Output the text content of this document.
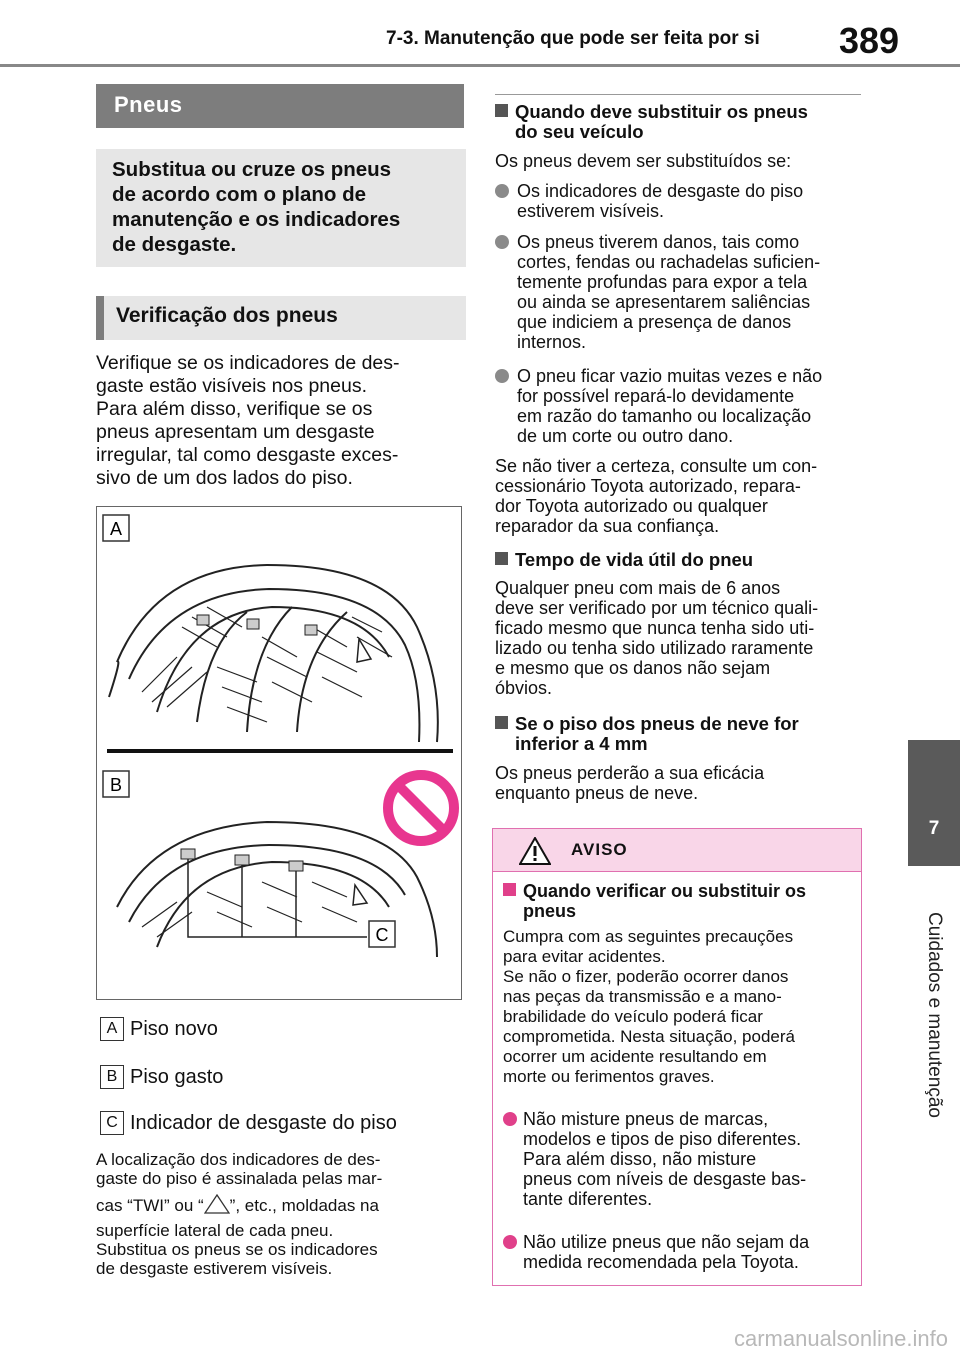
7-3. Manutenção que pode ser feita por si 389
7
Cuidados e manutenção
Pneus
Substitua ou cruze os pneus
de acordo com o plano de
manutenção e os indicadores
de desgaste.
Verificação dos pneus
Verifique se os indicadores de des-
gaste estão visíveis nos pneus.
Para além disso, verifique se os
pneus apresentam um desgaste
irregular, tal como desgaste exces-
sivo de um dos lados do piso.
A
B
C
A Piso novo
B Piso gasto
C Indicador de desgaste do piso
A localização dos indicadores de des-
gaste do piso é assinalada pelas mar-
cas “TWI” ou “ ”, etc., moldadas na
superfície lateral de cada pneu.
Substitua os pneus se os indicadores
de desgaste estiverem visíveis.
Quando deve substituir os pneus
do seu veículo
Os pneus devem ser substituídos se:
Os indicadores de desgaste do piso
estiverem visíveis.
Os pneus tiverem danos, tais como
cortes, fendas ou rachadelas suficien-
temente profundas para expor a tela
ou ainda se apresentarem saliências
que indiciem a presença de danos
internos.
O pneu ficar vazio muitas vezes e não
for possível repará-lo devidamente
em razão do tamanho ou localização
de um corte ou outro dano.
Se não tiver a certeza, consulte um con-
cessionário Toyota autorizado, repara-
dor Toyota autorizado ou qualquer
reparador da sua confiança.
Tempo de vida útil do pneu
Qualquer pneu com mais de 6 anos
deve ser verificado por um técnico quali-
ficado mesmo que nunca tenha sido uti-
lizado ou tenha sido utilizado raramente
e mesmo que os danos não sejam
óbvios.
Se o piso dos pneus de neve for
inferior a 4 mm
Os pneus perderão a sua eficácia
enquanto pneus de neve.
AVISO
Quando verificar ou substituir os
pneus
Cumpra com as seguintes precauções
para evitar acidentes.
Se não o fizer, poderão ocorrer danos
nas peças da transmissão e a mano-
brabilidade do veículo poderá ficar
comprometida. Nesta situação, poderá
ocorrer um acidente resultando em
morte ou ferimentos graves.
Não misture pneus de marcas,
modelos e tipos de piso diferentes.
Para além disso, não misture
pneus com níveis de desgaste bas-
tante diferentes.
Não utilize pneus que não sejam da
medida recomendada pela Toyota.
carmanualsonline.info
